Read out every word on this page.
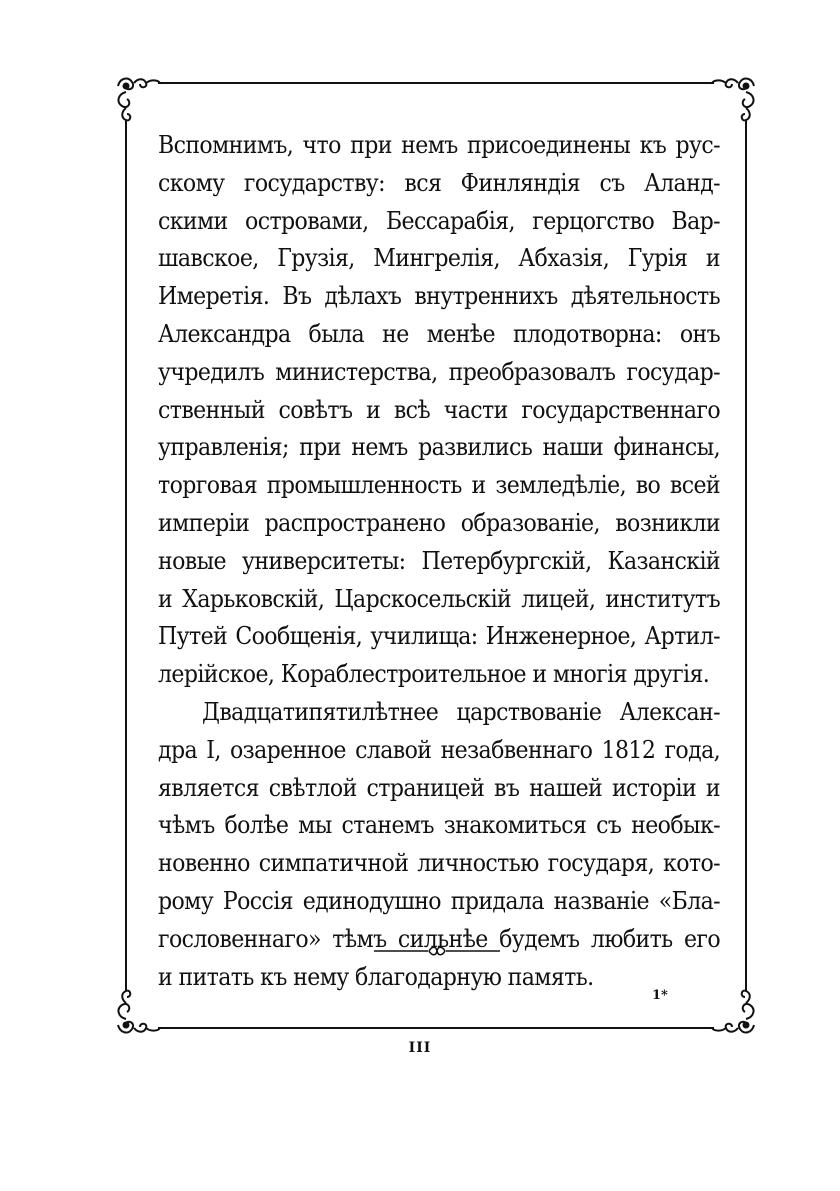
Вспомнимъ, что при немъ присоединены къ рус-
скому государству: вся Финляндія съ Аланд-
скими островами, Бессарабія, герцогство Вар-
шавское, Грузія, Мингрелія, Абхазія, Гурія и
Имеретія. Въ дѣлахъ внутреннихъ дѣятельность
Александра была не менѣе плодотворна: онъ
учредилъ министерства, преобразовалъ государ-
ственный совѣтъ и всѣ части государственнаго
управленія; при немъ развились наши финансы,
торговая промышленность и земледѣліе, во всей
имперіи распространено образованіе, возникли
новые университеты: Петербургскій, Казанскій
и Харьковскій, Царскосельскій лицей, институтъ
Путей Сообщенія, училища: Инженерное, Артил-
лерійское, Кораблестроительное и многія другія.
Двадцатипятилѣтнее царствованіе Алексан-
дра I, озаренное славой незабвеннаго 1812 года,
является свѣтлой страницей въ нашей исторіи и
чѣмъ болѣе мы станемъ знакомиться съ необык-
новенно симпатичной личностью государя, кото-
рому Россія единодушно придала названіе «Бла-
гословеннаго» тѣмъ сильнѣе будемъ любить его
и питать къ нему благодарную память.
1*
III
